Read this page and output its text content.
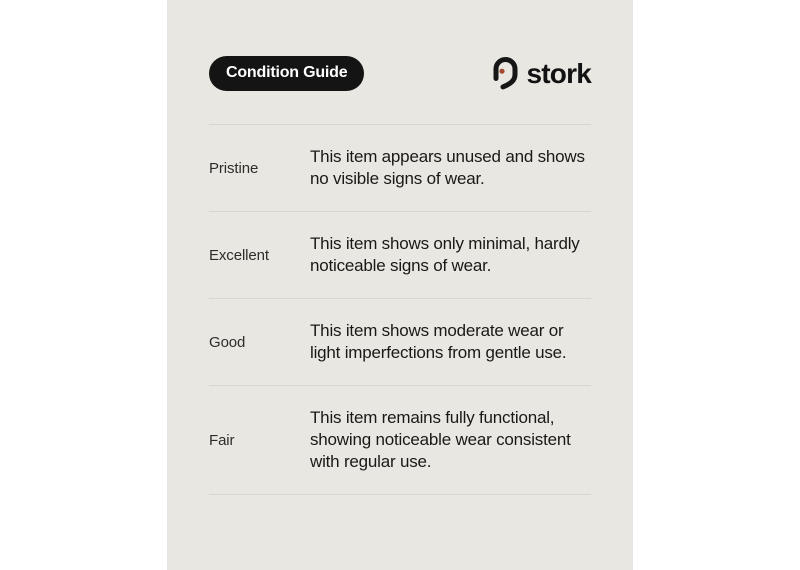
Condition Guide	stork
Pristine
This item appears unused and shows no visible signs of wear.
Excellent
This item shows only minimal, hardly noticeable signs of wear.
Good
This item shows moderate wear or light imperfections from gentle use.
Fair
This item remains fully functional, showing noticeable wear consistent with regular use.
